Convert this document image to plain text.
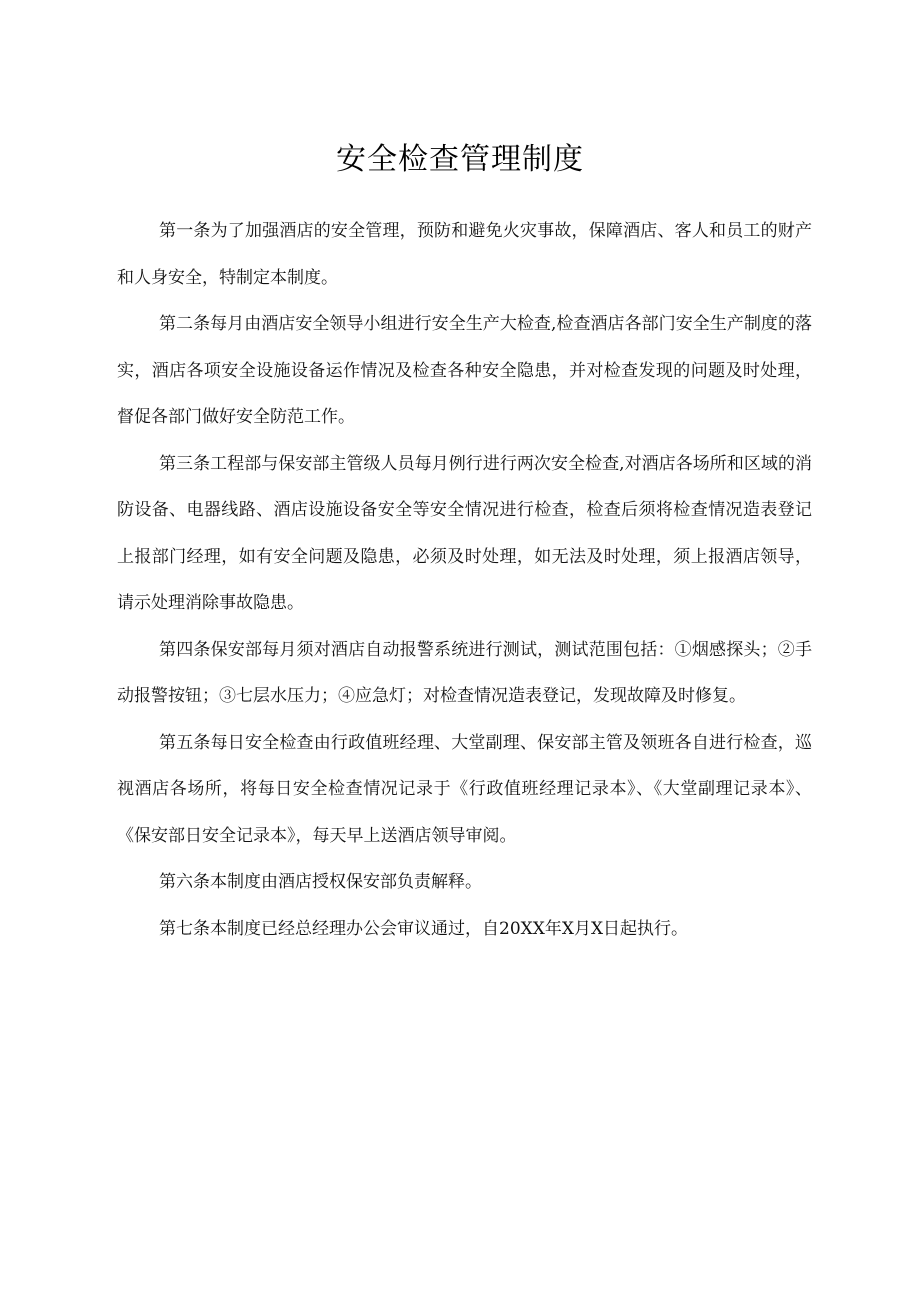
安全检查管理制度

第一条为了加强酒店的安全管理，预防和避免火灾事故，保障酒店、客人和员工的财产和人身安全，特制定本制度。

第二条每月由酒店安全领导小组进行安全生产大检查,检查酒店各部门安全生产制度的落实，酒店各项安全设施设备运作情况及检查各种安全隐患，并对检查发现的问题及时处理，督促各部门做好安全防范工作。

第三条工程部与保安部主管级人员每月例行进行两次安全检查,对酒店各场所和区域的消防设备、电器线路、酒店设施设备安全等安全情况进行检查，检查后须将检查情况造表登记上报部门经理，如有安全问题及隐患，必须及时处理，如无法及时处理，须上报酒店领导，请示处理消除事故隐患。

第四条保安部每月须对酒店自动报警系统进行测试，测试范围包括：①烟感探头；②手动报警按钮；③七层水压力；④应急灯；对检查情况造表登记，发现故障及时修复。

第五条每日安全检查由行政值班经理、大堂副理、保安部主管及领班各自进行检查，巡视酒店各场所，将每日安全检查情况记录于《行政值班经理记录本》、《大堂副理记录本》、《保安部日安全记录本》，每天早上送酒店领导审阅。

第六条本制度由酒店授权保安部负责解释。

第七条本制度已经总经理办公会审议通过，自20XX年X月X日起执行。
